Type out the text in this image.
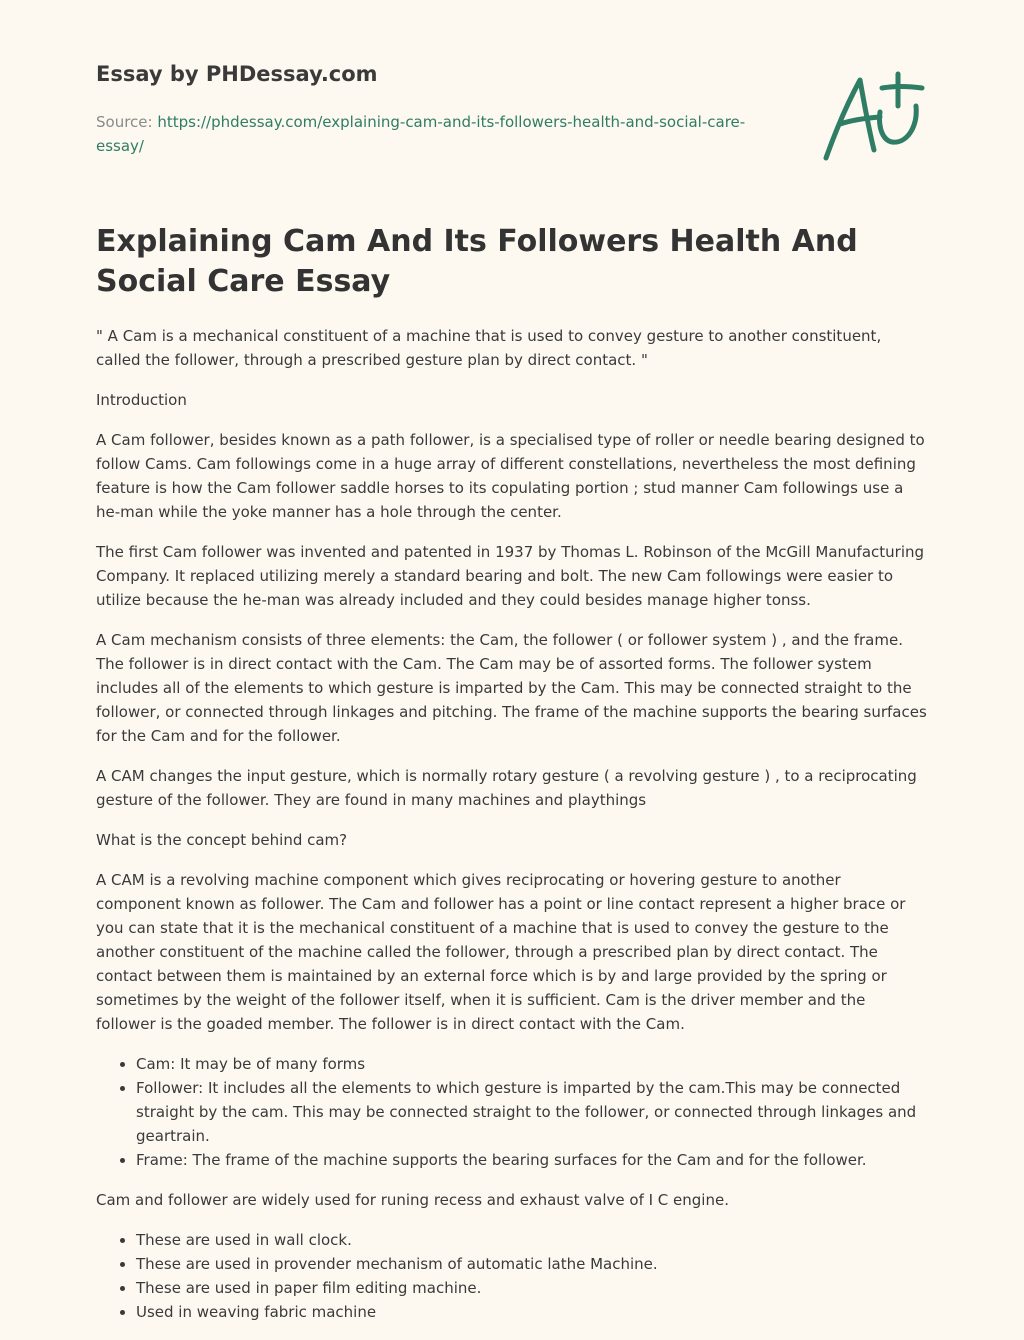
Essay by PHDessay.com
Source: https://phdessay.com/explaining-cam-and-its-followers-health-and-social-care-essay/
Explaining Cam And Its Followers Health And Social Care Essay

" A Cam is a mechanical constituent of a machine that is used to convey gesture to another constituent, called the follower, through a prescribed gesture plan by direct contact. "

Introduction

A Cam follower, besides known as a path follower, is a specialised type of roller or needle bearing designed to follow Cams. Cam followings come in a huge array of different constellations, nevertheless the most defining feature is how the Cam follower saddle horses to its copulating portion ; stud manner Cam followings use a he-man while the yoke manner has a hole through the center.

The first Cam follower was invented and patented in 1937 by Thomas L. Robinson of the McGill Manufacturing Company. It replaced utilizing merely a standard bearing and bolt. The new Cam followings were easier to utilize because the he-man was already included and they could besides manage higher tonss.

A Cam mechanism consists of three elements: the Cam, the follower ( or follower system ) , and the frame. The follower is in direct contact with the Cam. The Cam may be of assorted forms. The follower system includes all of the elements to which gesture is imparted by the Cam. This may be connected straight to the follower, or connected through linkages and pitching. The frame of the machine supports the bearing surfaces for the Cam and for the follower.

A CAM changes the input gesture, which is normally rotary gesture ( a revolving gesture ) , to a reciprocating gesture of the follower. They are found in many machines and playthings

What is the concept behind cam?

A CAM is a revolving machine component which gives reciprocating or hovering gesture to another component known as follower. The Cam and follower has a point or line contact represent a higher brace or you can state that it is the mechanical constituent of a machine that is used to convey the gesture to the another constituent of the machine called the follower, through a prescribed plan by direct contact. The contact between them is maintained by an external force which is by and large provided by the spring or sometimes by the weight of the follower itself, when it is sufficient. Cam is the driver member and the follower is the goaded member. The follower is in direct contact with the Cam.

• Cam: It may be of many forms
• Follower: It includes all the elements to which gesture is imparted by the cam.This may be connected straight by the cam. This may be connected straight to the follower, or connected through linkages and geartrain.
• Frame: The frame of the machine supports the bearing surfaces for the Cam and for the follower.

Cam and follower are widely used for runing recess and exhaust valve of I C engine.

• These are used in wall clock.
• These are used in provender mechanism of automatic lathe Machine.
• These are used in paper film editing machine.
• Used in weaving fabric machine
